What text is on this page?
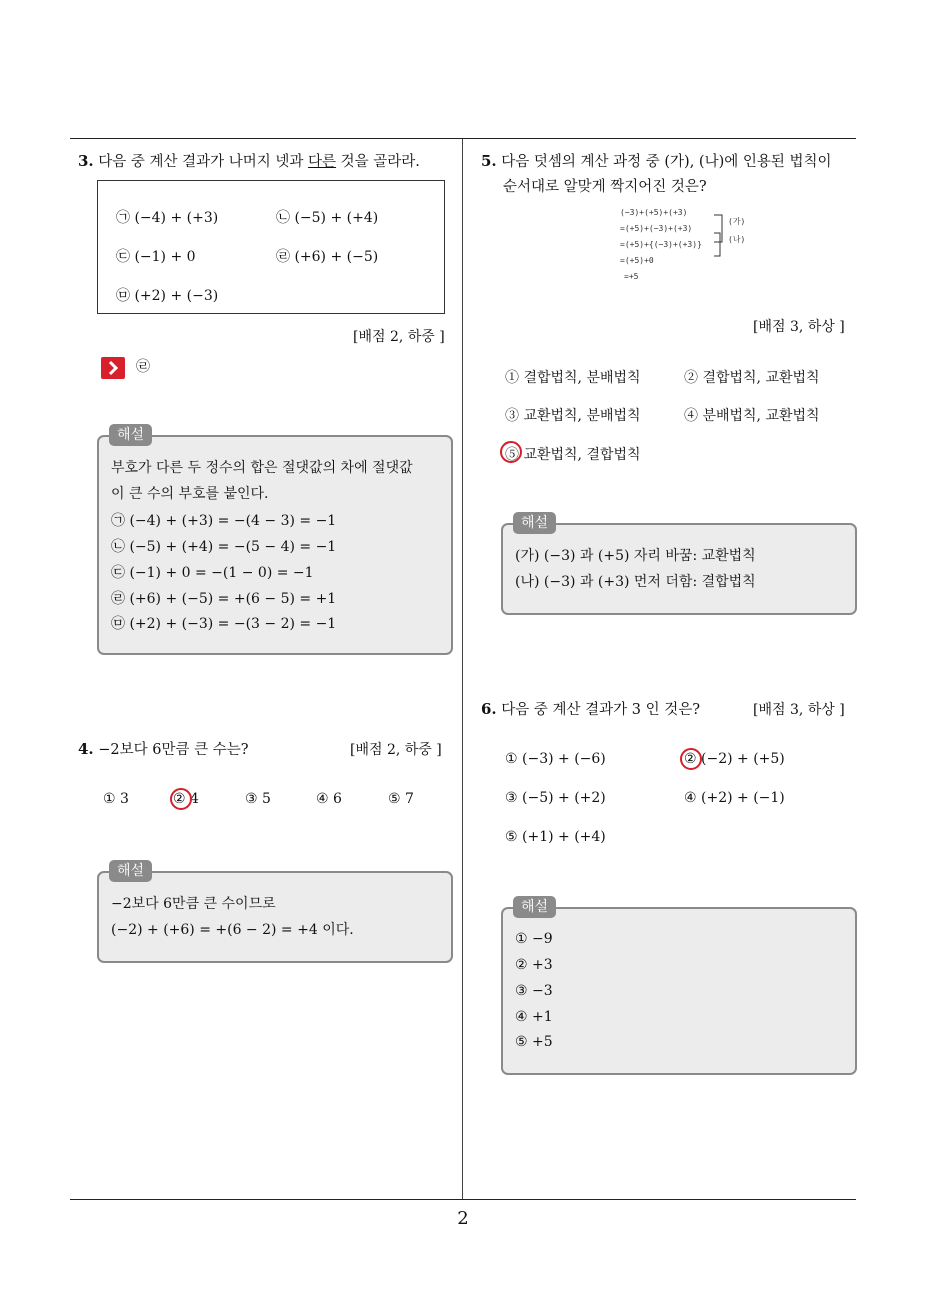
2
3. 다음 중 계산 결과가 나머지 넷과 다른 것을 골라라.
㉠ (−4) + (+3)	㉡ (−5) + (+4)
㉢ (−1) + 0	㉣ (+6) + (−5)
㉤ (+2) + (−3)
[배점 2, 하중 ]
㉣
해설
부호가 다른 두 정수의 합은 절댓값의 차에 절댓값
이 큰 수의 부호를 붙인다.
㉠ (−4) + (+3) = −(4 − 3) = −1
㉡ (−5) + (+4) = −(5 − 4) = −1
㉢ (−1) + 0 = −(1 − 0) = −1
㉣ (+6) + (−5) = +(6 − 5) = +1
㉤ (+2) + (−3) = −(3 − 2) = −1
4. −2보다 6만큼 큰 수는?	[배점 2, 하중 ]
① 3	② 4	③ 5	④ 6	⑤ 7
해설
−2보다 6만큼 큰 수이므로
(−2) + (+6) = +(6 − 2) = +4 이다.
5. 다음 덧셈의 계산 과정 중 (가), (나)에 인용된 법칙이
순서대로 알맞게 짝지어진 것은?
(−3)+(+5)+(+3)
=(+5)+(−3)+(+3)
=(+5)+{(−3)+(+3)}
=(+5)+0
=+5
(가)
(나)
[배점 3, 하상 ]
① 결합법칙, 분배법칙	② 결합법칙, 교환법칙
③ 교환법칙, 분배법칙	④ 분배법칙, 교환법칙
⑤ 교환법칙, 결합법칙
해설
(가) (−3) 과 (+5) 자리 바꿈: 교환법칙
(나) (−3) 과 (+3) 먼저 더함: 결합법칙
6. 다음 중 계산 결과가 3 인 것은?	[배점 3, 하상 ]
① (−3) + (−6)	② (−2) + (+5)
③ (−5) + (+2)	④ (+2) + (−1)
⑤ (+1) + (+4)
해설
① −9
② +3
③ −3
④ +1
⑤ +5
